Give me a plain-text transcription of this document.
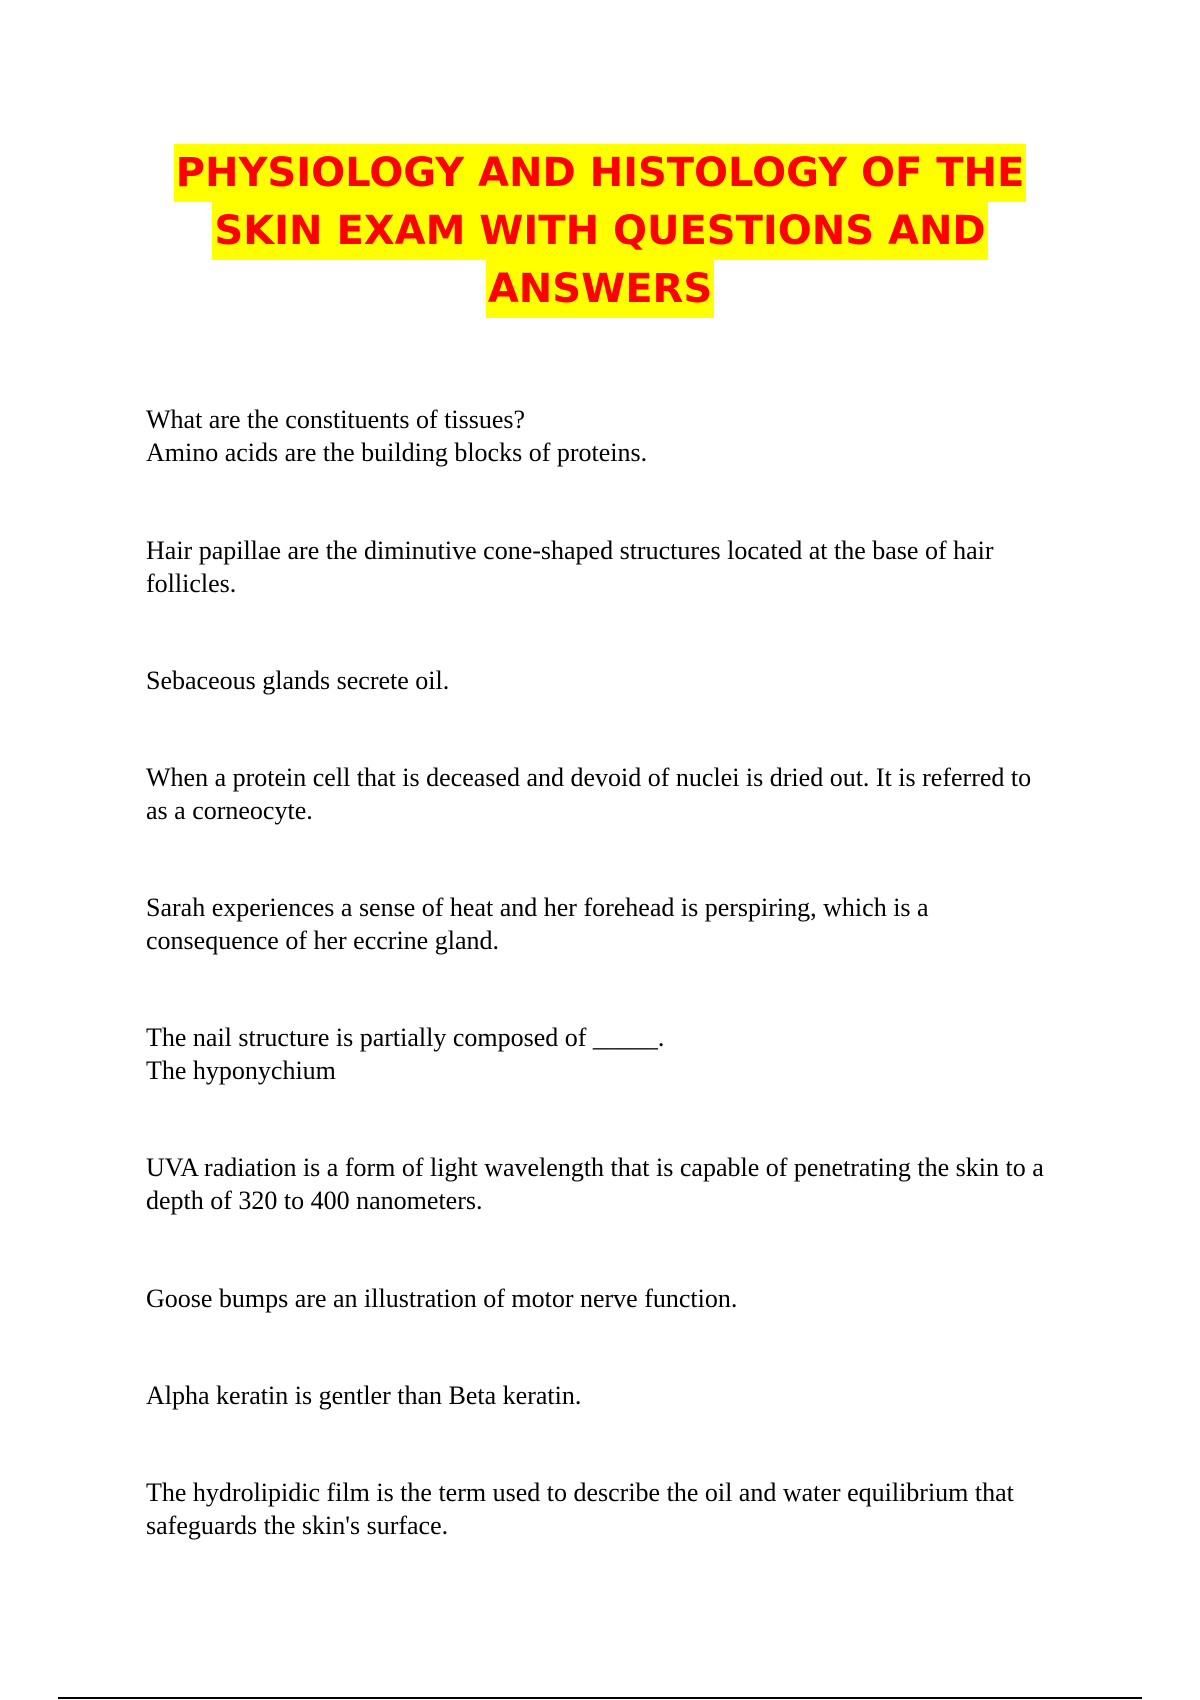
PHYSIOLOGY AND HISTOLOGY OF THE
SKIN EXAM WITH QUESTIONS AND
ANSWERS

What are the constituents of tissues?

Amino acids are the building blocks of proteins.

Hair papillae are the diminutive cone-shaped structures located at the base of hair follicles.

Sebaceous glands secrete oil.

When a protein cell that is deceased and devoid of nuclei is dried out. It is referred to as a corneocyte.

Sarah experiences a sense of heat and her forehead is perspiring, which is a consequence of her eccrine gland.

The nail structure is partially composed of _____.

The hyponychium

UVA radiation is a form of light wavelength that is capable of penetrating the skin to a depth of 320 to 400 nanometers.

Goose bumps are an illustration of motor nerve function.

Alpha keratin is gentler than Beta keratin.

The hydrolipidic film is the term used to describe the oil and water equilibrium that safeguards the skin's surface.
